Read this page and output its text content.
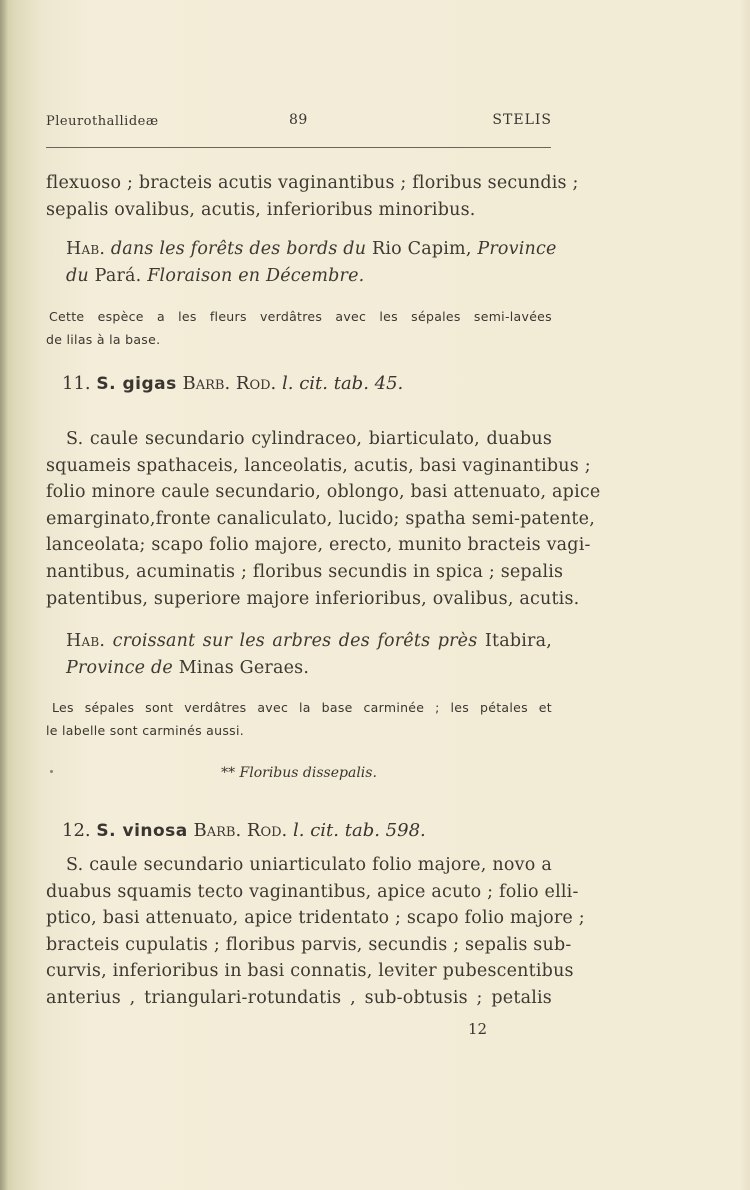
Pleurothallideæ	89	STELIS
flexuoso ; bracteis acutis vaginantibus ; floribus secundis ;
sepalis ovalibus, acutis, inferioribus minoribus.
Hab. dans les forêts des bords du Rio Capim, Province
du Pará. Floraison en Décembre.
Cette espèce a les fleurs verdâtres avec les sépales semi-lavées
de lilas à la base.
11. S. gigas Barb. Rod. l. cit. tab. 45.
S. caule secundario cylindraceo, biarticulato, duabus
squameis spathaceis, lanceolatis, acutis, basi vaginantibus ;
folio minore caule secundario, oblongo, basi attenuato, apice
emarginato,fronte canaliculato, lucido; spatha semi-patente,
lanceolata; scapo folio majore, erecto, munito bracteis vagi-
nantibus, acuminatis ; floribus secundis in spica ; sepalis
patentibus, superiore majore inferioribus, ovalibus, acutis.
Hab. croissant sur les arbres des forêts près Itabira,
Province de Minas Geraes.
Les sépales sont verdâtres avec la base carminée ; les pétales et
le labelle sont carminés aussi.
** Floribus dissepalis.
12. S. vinosa Barb. Rod. l. cit. tab. 598.
S. caule secundario uniarticulato folio majore, novo a
duabus squamis tecto vaginantibus, apice acuto ; folio elli-
ptico, basi attenuato, apice tridentato ; scapo folio majore ;
bracteis cupulatis ; floribus parvis, secundis ; sepalis sub-
curvis, inferioribus in basi connatis, leviter pubescentibus
anterius , triangulari-rotundatis , sub-obtusis ; petalis
12
